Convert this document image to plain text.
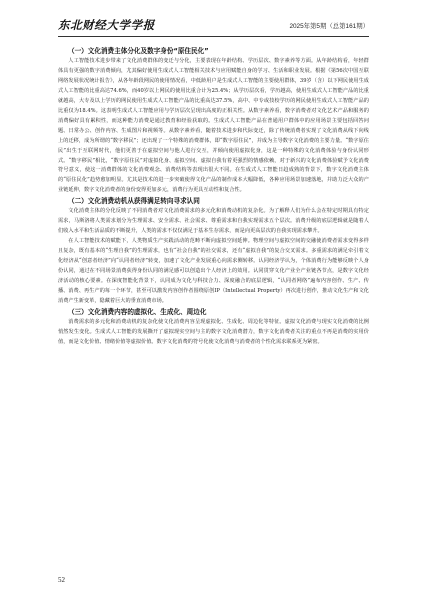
东北财经大学学报	2025年第5期（总第161期）
（一）文化消费主体分化及数字身份“原住民化”

人工智能技术进步带来了文化消费群体的变迁与分化，主要表现在年龄结构、学历层次、数字素养等方面。从年龄结构看，年轻群体具有更强的数字消费倾向，尤其偏好使用生成式人工智能相关技术与应用赋能自身的学习、生活和职业发展。根据《第56次中国互联网络发展状况统计报告》，从各年龄段网民的使用情况看，中低龄用户是生成式人工智能的主要使用群体，39岁（含）以下网民使用生成式人工智能的比重高达74.6%，而40岁以上网民的使用比重合计为25.4%；从学历层次看，学历越高，使用生成式人工智能产品的比重就越高，大专及以上学历的网民使用生成式人工智能产品的比重高达37.5%，高中、中专或技校学历的网民使用生成式人工智能产品的比重仅为18.4%。这表明生成式人工智能应用与学历层次呈现出高度的正相关性。从数字素养看，数字消费者对文化艺术产品和服务的消费偏好具有累积性，而这种能力消费是通过教育和经验获取的。生成式人工智能产品在普通用户群体中的应用场景主要包括回答问题、日常办公、创作内容、生成图片和视频等。从数字素养看，随着技术进步和代际变迁，除了传统消费者实现了文化消费从线下向线上的迁移，成为所谓的“数字移民”；还出现了一个特殊的消费群体，即“数字原住民”，并成为主导数字文化消费的主要力量。“数字原住民”出生于互联网时代，他们更善于在虚拟空间与他人进行交互，并倾向使用虚拟化身，这是一种特殊的文化消费体验与身份认同形式。“数字移民”相比，“数字原住民”对虚拟化身、虚拟空间、虚拟自我有着更强烈的情感依赖，对于新兴的文化消费体验赋予文化消费符号意义，使这一消费群体的文化消费观念、消费结构等表现出很大不同。在生成式人工智能日趋成熟的背景下，数字文化消费主体的“原住民化”趋势愈加明显。尤其是技术的进一步突破使得文化产品的制作成本大幅降低，各种应用场景加速落地，并助力泛大众的产业链延伸，数字文化消费者的身份变得更加多元，消费行为更具互动性和复合性。

（二）文化消费动机从获得满足转向寻求认同

文化消费主体的分化反映了不同消费者对文化消费需求的多元化和消费动机的复杂化。为了解释人们为什么会在特定时期具有特定需求，马斯洛将人类需求划分为生理需求、安全需求、社会需求、尊重需求和自我实现需求五个层次。消费升级的底层逻辑就是随着人们收入水平和生活品质的不断提升，人类的需求不仅仅满足于基本生存需求，而是向更高层次的自我实现需求攀升。

在人工智能技术的赋能下，人类物质生产实践活动的范畴不断向虚拟空间延伸。物理空间与虚拟空间的交融使消费者需求变得多样且复杂，既有基本的“生理自我”的生理需求，也有“社会自我”的社交需求，还有“虚拟自我”的复合交叉需求。多重需求的满足牵引着文化经济从“创意者经济”向“认同者经济”转变，加速了文化产业发展重心向需求侧转移。认同经济学认为，个体消费行为能够反映个人身份认同，通过在不同场景消费获得身份认同的满足感可以创造出个人经济上的效用。认同贯穿文化产业全产业链各节点，是数字文化经济活动的核心要素。在深度智能化背景下，认同成为文化与科技合力、深度融合的底层逻辑，“认同者网络”遍布内容创作、生产、传播、消费、再生产的每一个环节，甚至可以激发内容创作者围绕原创IP（Intellectual Property）再次进行创作，推动文化生产和文化消费产生新变革，隐藏着巨大的垂直消费市场。

（三）文化消费内容的虚拟化、生成化、周边化

消费需求的多元化和消费动机的复杂化使文化消费内容呈现虚拟化、生成化、周边化等特征。虚拟文化消费与现实文化消费的比例悄然发生变化。生成式人工智能的发展撕开了虚拟现实空间与主的数字文化消费潜力，数字文化消费者关注的重点不再是消费的实用价值，而是文化价值、情绪价值等虚拟价值。数字文化消费的符号化使文化消费与消费者的个性化需求联系更为紧密。

52
